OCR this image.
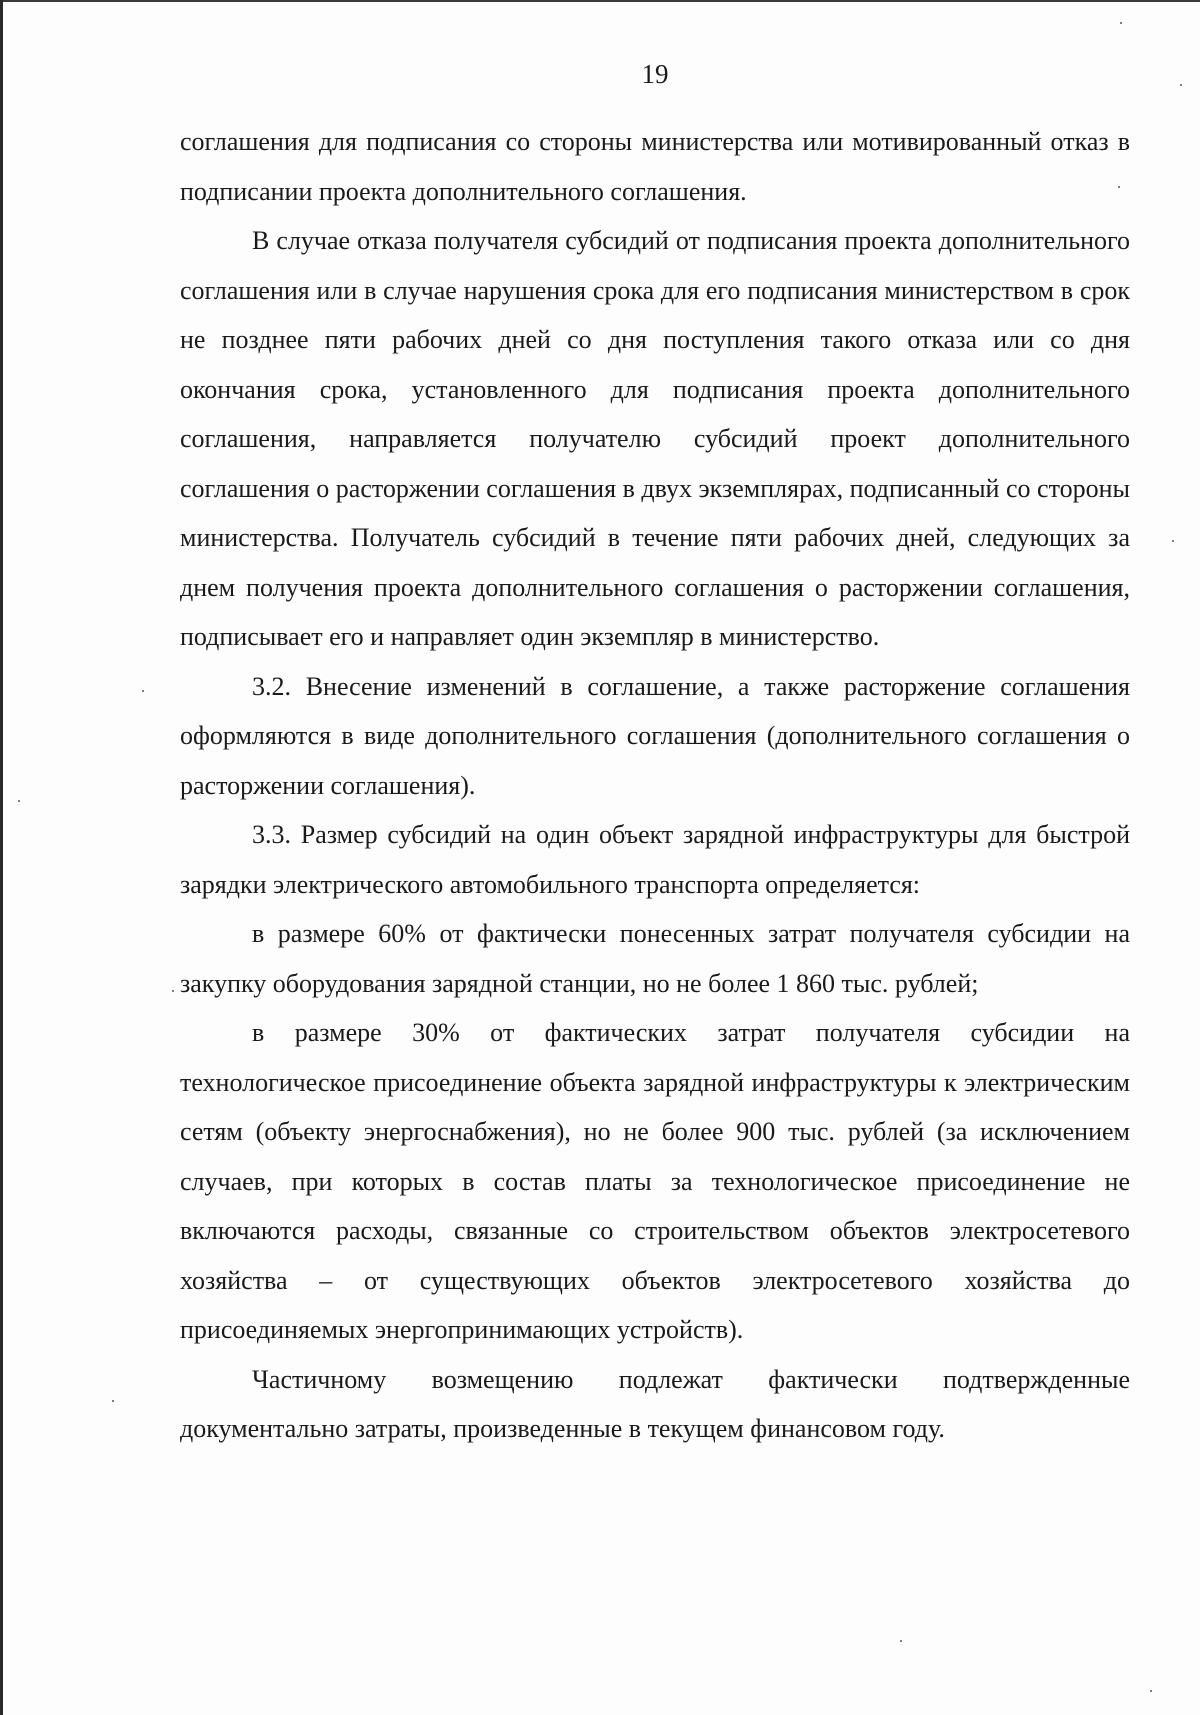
19

соглашения для подписания со стороны министерства или мотивированный отказ в подписании проекта дополнительного соглашения.

В случае отказа получателя субсидий от подписания проекта дополнительного соглашения или в случае нарушения срока для его подписания министерством в срок не позднее пяти рабочих дней со дня поступления такого отказа или со дня окончания срока, установленного для подписания проекта дополнительного соглашения, направляется получателю субсидий проект дополнительного соглашения о расторжении соглашения в двух экземплярах, подписанный со стороны министерства. Получатель субсидий в течение пяти рабочих дней, следующих за днем получения проекта дополнительного соглашения о расторжении соглашения, подписывает его и направляет один экземпляр в министерство.

3.2. Внесение изменений в соглашение, а также расторжение соглашения оформляются в виде дополнительного соглашения (дополнительного соглашения о расторжении соглашения).

3.3. Размер субсидий на один объект зарядной инфраструктуры для быстрой зарядки электрического автомобильного транспорта определяется:

в размере 60% от фактически понесенных затрат получателя субсидии на закупку оборудования зарядной станции, но не более 1 860 тыс. рублей;

в размере 30% от фактических затрат получателя субсидии на технологическое присоединение объекта зарядной инфраструктуры к электрическим сетям (объекту энергоснабжения), но не более 900 тыс. рублей (за исключением случаев, при которых в состав платы за технологическое присоединение не включаются расходы, связанные со строительством объектов электросетевого хозяйства – от существующих объектов электросетевого хозяйства до присоединяемых энергопринимающих устройств).

Частичному возмещению подлежат фактически подтвержденные документально затраты, произведенные в текущем финансовом году.
